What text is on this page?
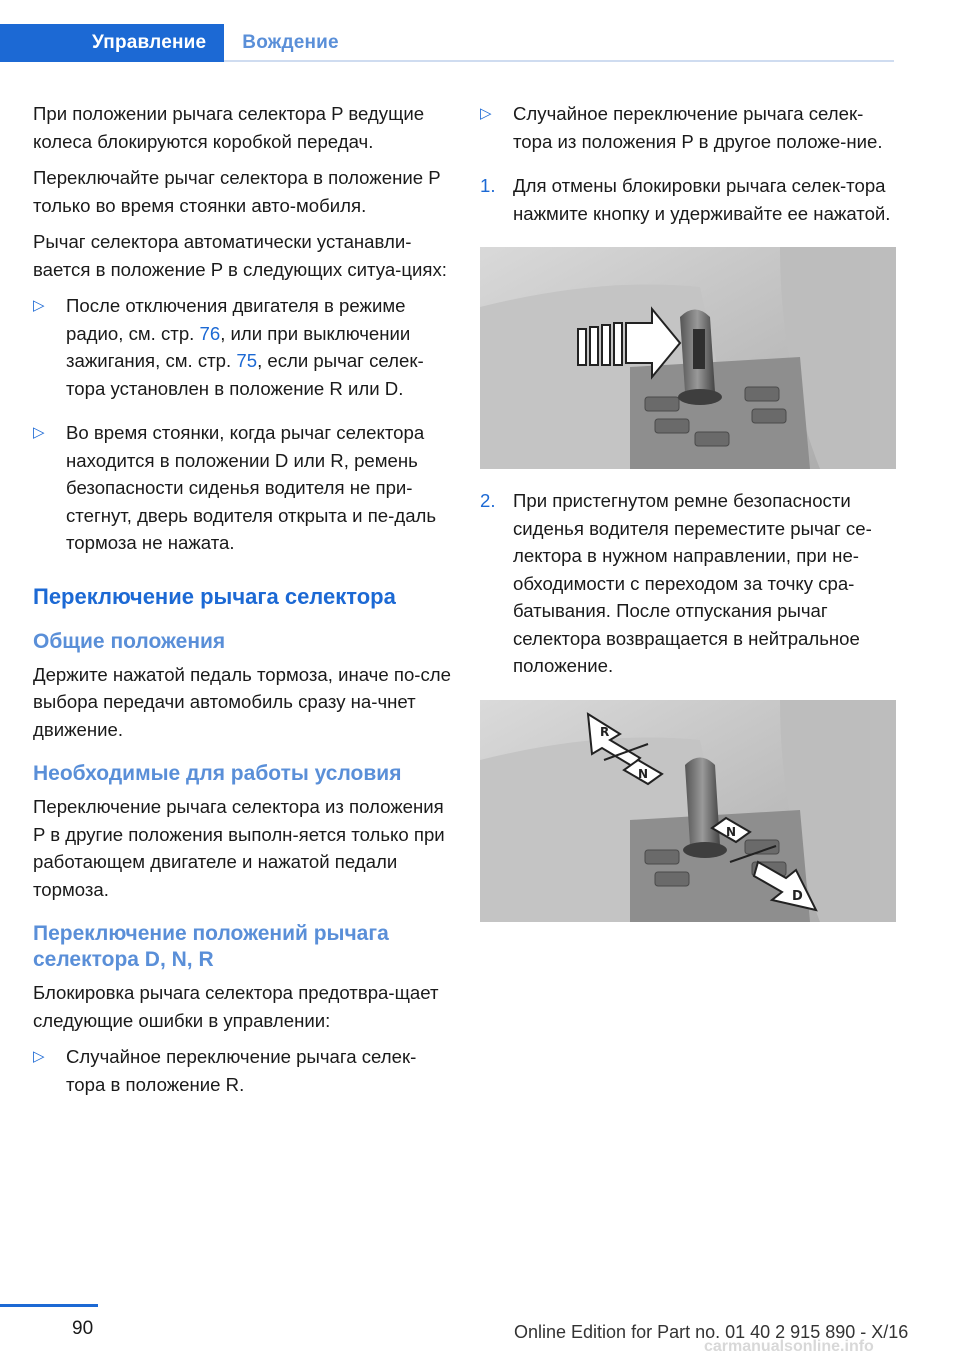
Управление	Вождение

При положении рычага селектора P ведущие колеса блокируются коробкой передач.

Переключайте рычаг селектора в положение P только во время стоянки авто‐мобиля.

Рычаг селектора автоматически устанавли‐вается в положение P в следующих ситуа‐циях:

▷ После отключения двигателя в режиме радио, см. стр. 76, или при выключении зажигания, см. стр. 75, если рычаг селек‐тора установлен в положение R или D.
▷ Во время стоянки, когда рычаг селектора находится в положении D или R, ремень безопасности сиденья водителя не при‐стегнут, дверь водителя открыта и пе‐даль тормоза не нажата.
Переключение рычага селектора
Общие положения

Держите нажатой педаль тормоза, иначе по‐сле выбора передачи автомобиль сразу на‐чнет движение.

Необходимые для работы условия

Переключение рычага селектора из положения P в другие положения выполн‐яется только при работающем двигателе и нажатой педали тормоза.

Переключение положений рычага селектора D, N, R

Блокировка рычага селектора предотвра‐щает следующие ошибки в управлении:

▷ Случайное переключение рычага селек‐тора в положение R.
▷ Случайное переключение рычага селек‐тора из положения P в другое положе‐ние.
1. Для отмены блокировки рычага селек‐тора нажмите кнопку и удерживайте ее нажатой.
2. При пристегнутом ремне безопасности сиденья водителя переместите рычаг се‐лектора в нужном направлении, при не‐обходимости с переходом за точку сра‐батывания. После отпускания рычаг селектора возвращается в нейтральное положение.
R
N
N
D
90	Online Edition for Part no. 01 40 2 915 890 - X/16
carmanualsonline.info
